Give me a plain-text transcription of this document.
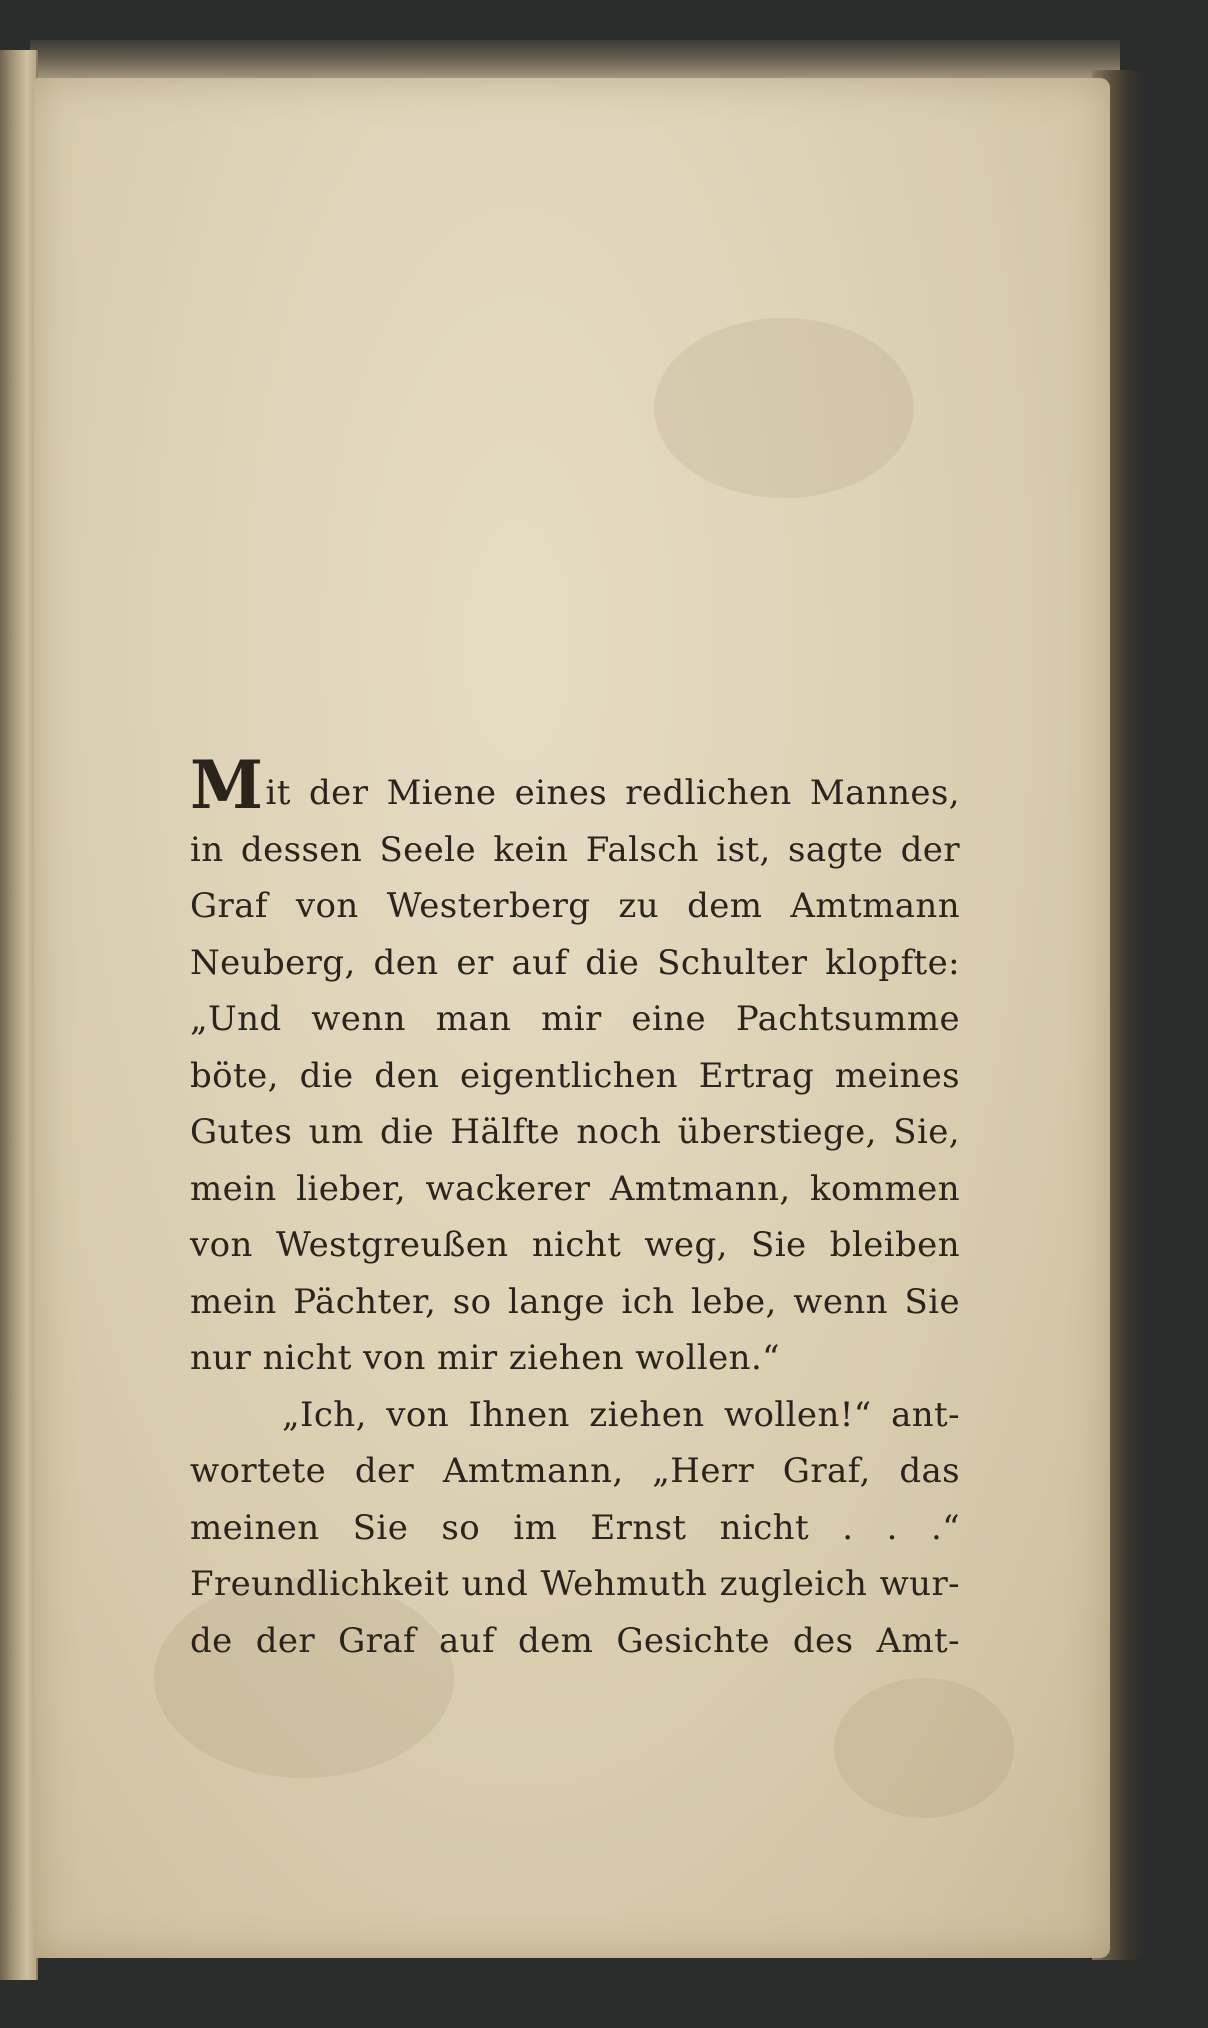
Mit der Miene eines redlichen Mannes,
in dessen Seele kein Falsch ist, sagte der
Graf von Westerberg zu dem Amtmann
Neuberg, den er auf die Schulter klopfte:
„Und wenn man mir eine Pachtsumme
böte, die den eigentlichen Ertrag meines
Gutes um die Hälfte noch überstiege, Sie,
mein lieber, wackerer Amtmann, kommen
von Westgreußen nicht weg, Sie bleiben
mein Pächter, so lange ich lebe, wenn Sie
nur nicht von mir ziehen wollen.“
„Ich, von Ihnen ziehen wollen!“ ant-
wortete der Amtmann, „Herr Graf, das
meinen Sie so im Ernst nicht . . .“
Freundlichkeit und Wehmuth zugleich wur-
de der Graf auf dem Gesichte des Amt-
